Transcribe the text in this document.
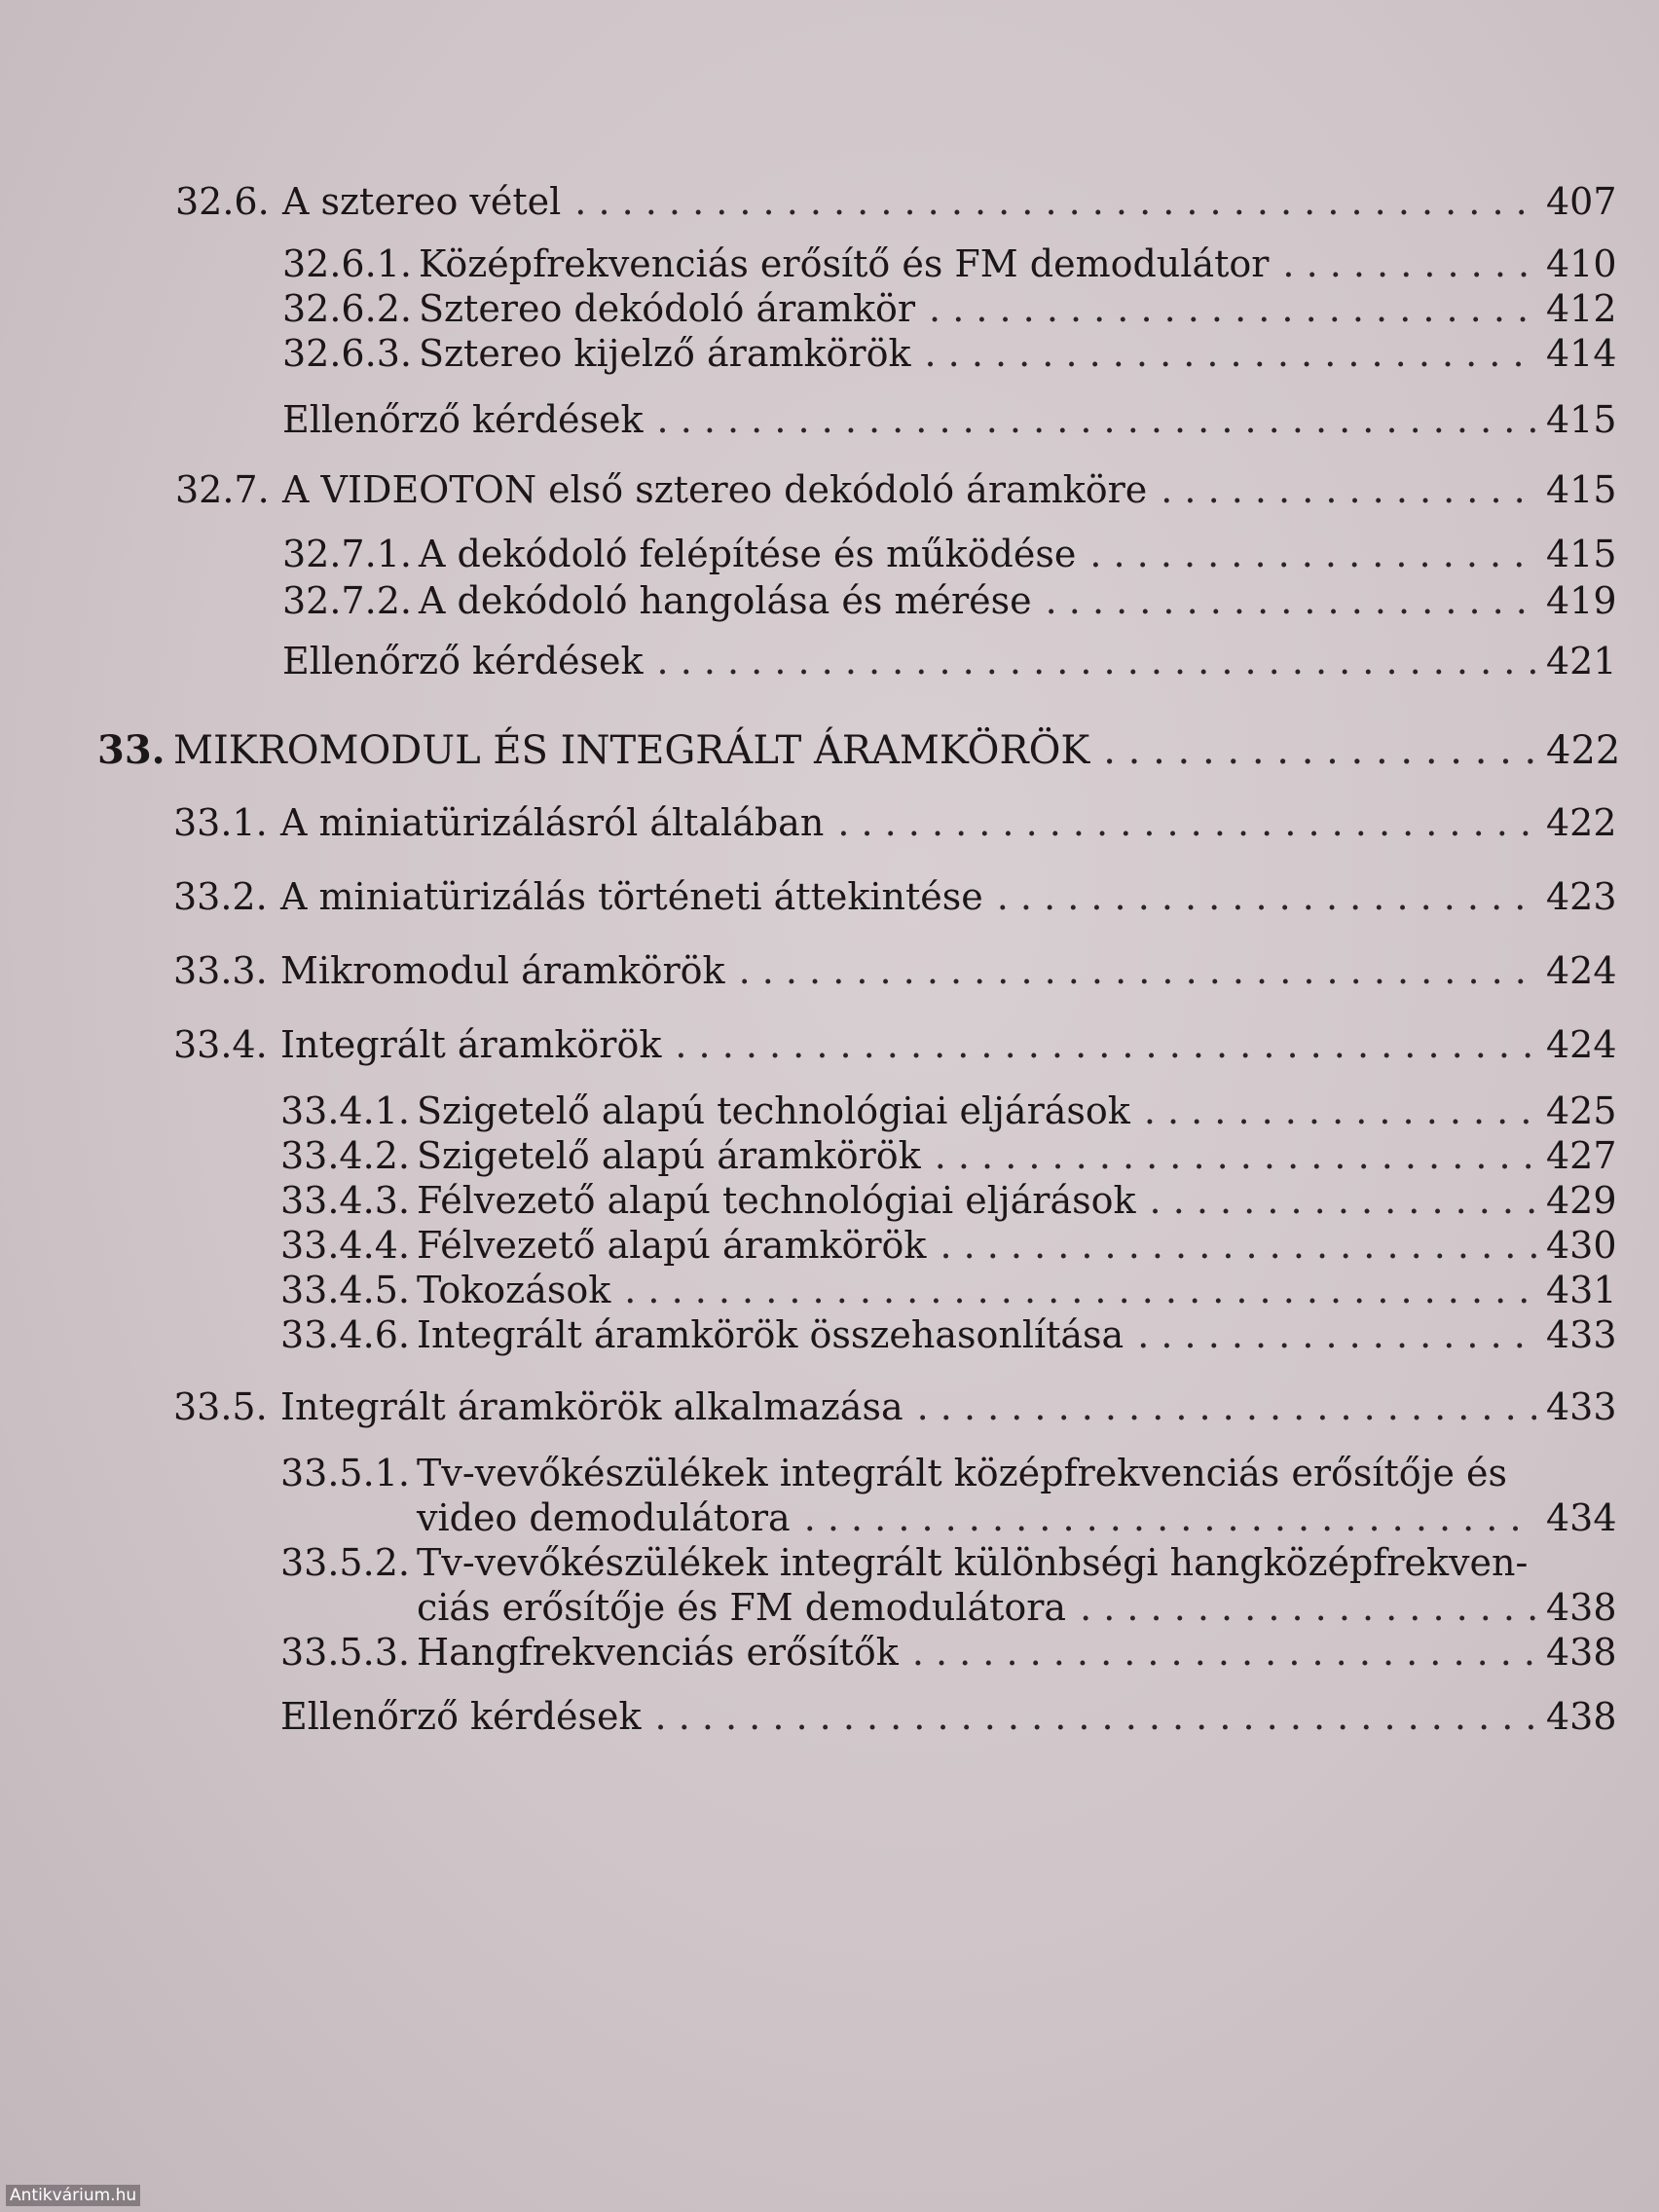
32.6. A sztereo vétel . . .	407
32.6.1. Középfrekvenciás erősítő és FM demodulátor . . .	410
32.6.2. Sztereo dekódoló áramkör . . .	412
32.6.3. Sztereo kijelző áramkörök . . .	414
Ellenőrző kérdések . . .	415
32.7. A VIDEOTON első sztereo dekódoló áramköre . . .	415
32.7.1. A dekódoló felépítése és működése . . .	415
32.7.2. A dekódoló hangolása és mérése . . .	419
Ellenőrző kérdések . . .	421
33. MIKROMODUL ÉS INTEGRÁLT ÁRAMKÖRÖK . . .	422
33.1. A miniatürizálásról általában . . .	422
33.2. A miniatürizálás történeti áttekintése . . .	423
33.3. Mikromodul áramkörök . . .	424
33.4. Integrált áramkörök . . .	424
33.4.1. Szigetelő alapú technológiai eljárások . . .	425
33.4.2. Szigetelő alapú áramkörök . . .	427
33.4.3. Félvezető alapú technológiai eljárások . . .	429
33.4.4. Félvezető alapú áramkörök . . .	430
33.4.5. Tokozások . . .	431
33.4.6. Integrált áramkörök összehasonlítása . . .	433
33.5. Integrált áramkörök alkalmazása . . .	433
33.5.1. Tv-vevőkészülékek integrált középfrekvenciás erősítője és
video demodulátora . . .	434
33.5.2. Tv-vevőkészülékek integrált különbségi hangközépfrekven-
ciás erősítője és FM demodulátora . . .	438
33.5.3. Hangfrekvenciás erősítők . . .	438
Ellenőrző kérdések . . .	438
Antikvárium.hu
